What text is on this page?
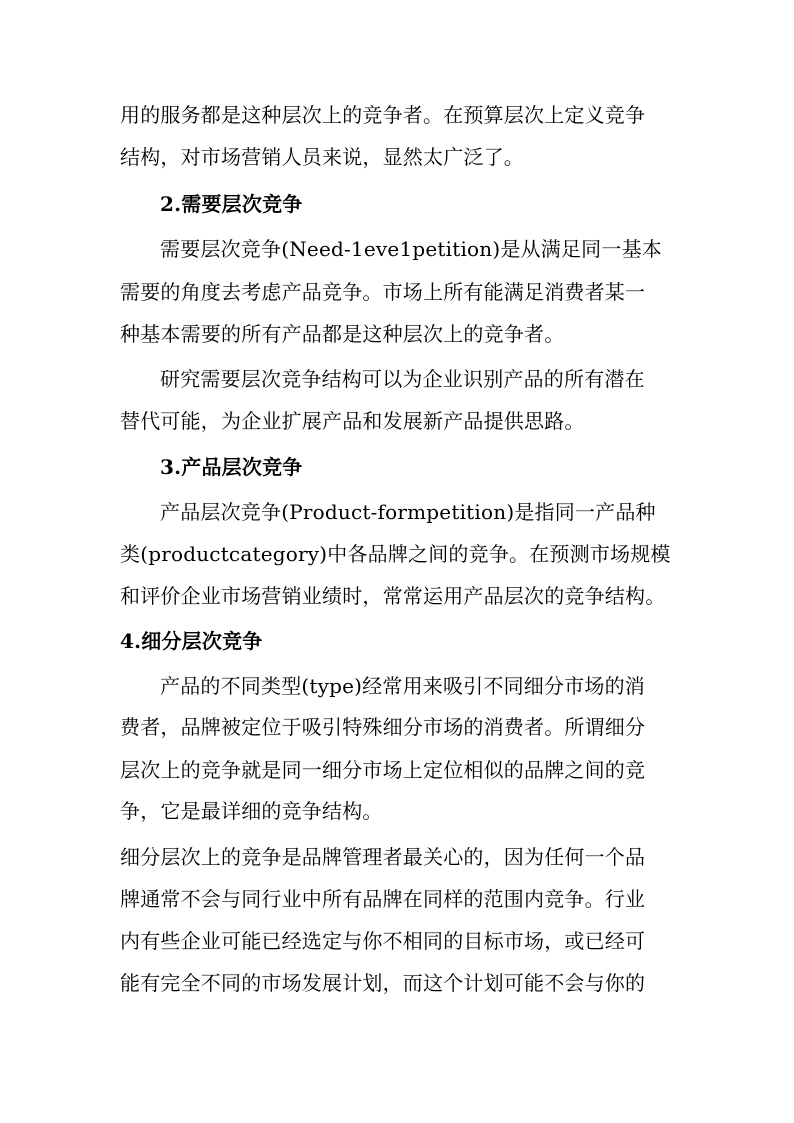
用的服务都是这种层次上的竞争者。在预算层次上定义竞争
结构，对市场营销人员来说，显然太广泛了。
2.需要层次竞争
需要层次竞争(Need-1eve1petition)是从满足同一基本
需要的角度去考虑产品竞争。市场上所有能满足消费者某一
种基本需要的所有产品都是这种层次上的竞争者。
研究需要层次竞争结构可以为企业识别产品的所有潜在
替代可能，为企业扩展产品和发展新产品提供思路。
3.产品层次竞争
产品层次竞争(Product-formpetition)是指同一产品种
类(productcategory)中各品牌之间的竞争。在预测市场规模
和评价企业市场营销业绩时，常常运用产品层次的竞争结构。
4.细分层次竞争
产品的不同类型(type)经常用来吸引不同细分市场的消
费者，品牌被定位于吸引特殊细分市场的消费者。所谓细分
层次上的竞争就是同一细分市场上定位相似的品牌之间的竞
争，它是最详细的竞争结构。
细分层次上的竞争是品牌管理者最关心的，因为任何一个品
牌通常不会与同行业中所有品牌在同样的范围内竞争。行业
内有些企业可能已经选定与你不相同的目标市场，或已经可
能有完全不同的市场发展计划，而这个计划可能不会与你的
